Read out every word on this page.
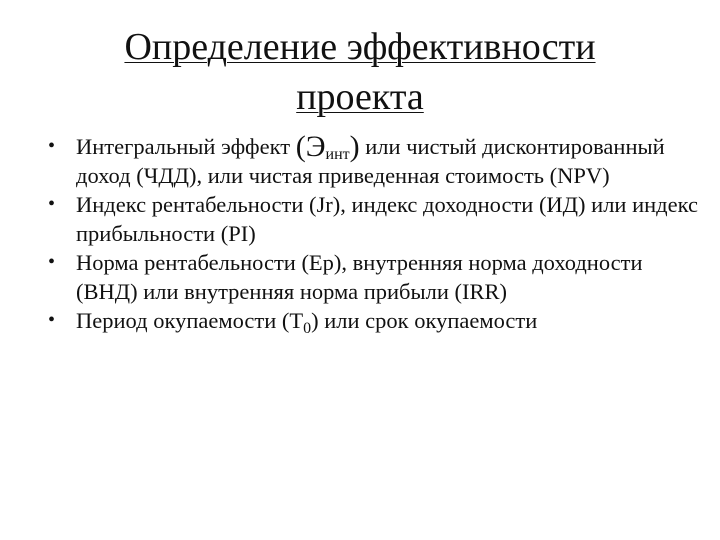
Определение эффективности
проекта
• Интегральный эффект $(Э_{инт})$ или чистый дисконтированный доход (ЧДД), или чистая приведенная стоимость (NPV)
• Индекс рентабельности (Jr), индекс доходности (ИД) или индекс прибыльности (PI)
• Норма рентабельности (Ep), внутренняя норма доходности (ВНД) или внутренняя норма прибыли (IRR)
• Период окупаемости $(Т_0)$ или срок окупаемости
